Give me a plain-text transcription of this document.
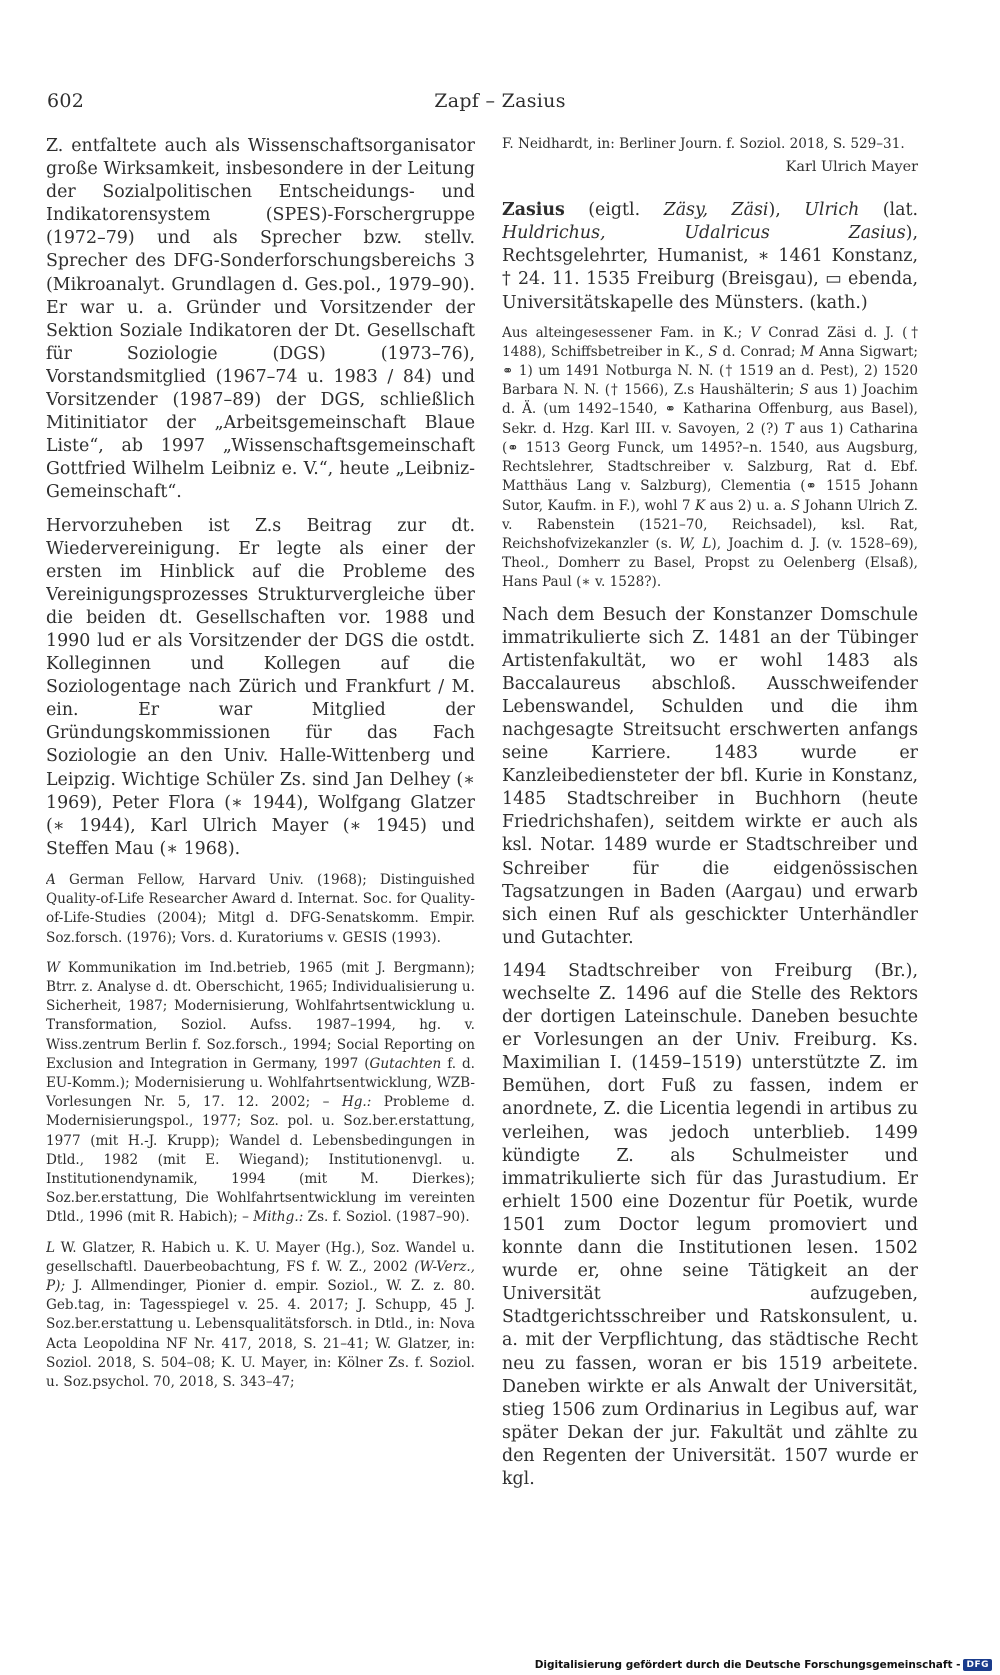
602	Zapf – Zasius

Z. entfaltete auch als Wissenschaftsorganisator große Wirksamkeit, insbesondere in der Leitung der Sozialpolitischen Entscheidungs- und Indikatorensystem (SPES)-Forschergruppe (1972–79) und als Sprecher bzw. stellv. Sprecher des DFG-Sonderforschungsbereichs 3 (Mikroanalyt. Grundlagen d. Ges.pol., 1979–90). Er war u. a. Gründer und Vorsitzender der Sektion Soziale Indikatoren der Dt. Gesellschaft für Soziologie (DGS) (1973–76), Vorstandsmitglied (1967–74 u. 1983 / 84) und Vorsitzender (1987–89) der DGS, schließlich Mitinitiator der „Arbeitsgemeinschaft Blaue Liste“, ab 1997 „Wissenschaftsgemeinschaft Gottfried Wilhelm Leibniz e. V.“, heute „Leibniz-Gemeinschaft“.

Hervorzuheben ist Z.s Beitrag zur dt. Wiedervereinigung. Er legte als einer der ersten im Hinblick auf die Probleme des Vereinigungsprozesses Strukturvergleiche über die beiden dt. Gesellschaften vor. 1988 und 1990 lud er als Vorsitzender der DGS die ostdt. Kolleginnen und Kollegen auf die Soziologentage nach Zürich und Frankfurt / M. ein. Er war Mitglied der Gründungskommissionen für das Fach Soziologie an den Univ. Halle-Wittenberg und Leipzig. Wichtige Schüler Zs. sind Jan Delhey (∗ 1969), Peter Flora (∗ 1944), Wolfgang Glatzer (∗ 1944), Karl Ulrich Mayer (∗ 1945) und Steffen Mau (∗ 1968).

A German Fellow, Harvard Univ. (1968); Distinguished Quality-of-Life Researcher Award d. Internat. Soc. for Quality-of-Life-Studies (2004); Mitgl d. DFG-Senatskomm. Empir. Soz.forsch. (1976); Vors. d. Kuratoriums v. GESIS (1993).

W Kommunikation im Ind.betrieb, 1965 (mit J. Bergmann); Btrr. z. Analyse d. dt. Oberschicht, 1965; Individualisierung u. Sicherheit, 1987; Modernisierung, Wohlfahrtsentwicklung u. Transformation, Soziol. Aufss. 1987–1994, hg. v. Wiss.zentrum Berlin f. Soz.forsch., 1994; Social Reporting on Exclusion and Integration in Germany, 1997 (Gutachten f. d. EU-Komm.); Modernisierung u. Wohlfahrtsentwicklung, WZB-Vorlesungen Nr. 5, 17. 12. 2002; – Hg.: Probleme d. Modernisierungspol., 1977; Soz. pol. u. Soz.ber.erstattung, 1977 (mit H.-J. Krupp); Wandel d. Lebensbedingungen in Dtld., 1982 (mit E. Wiegand); Institutionenvgl. u. Institutionendynamik, 1994 (mit M. Dierkes); Soz.ber.erstattung, Die Wohlfahrtsentwicklung im vereinten Dtld., 1996 (mit R. Habich); – Mithg.: Zs. f. Soziol. (1987–90).

L W. Glatzer, R. Habich u. K. U. Mayer (Hg.), Soz. Wandel u. gesellschaftl. Dauerbeobachtung, FS f. W. Z., 2002 (W-Verz., P); J. Allmendinger, Pionier d. empir. Soziol., W. Z. z. 80. Geb.tag, in: Tagesspiegel v. 25. 4. 2017; J. Schupp, 45 J. Soz.ber.erstattung u. Lebensqualitätsforsch. in Dtld., in: Nova Acta Leopoldina NF Nr. 417, 2018, S. 21–41; W. Glatzer, in: Soziol. 2018, S. 504–08; K. U. Mayer, in: Kölner Zs. f. Soziol. u. Soz.psychol. 70, 2018, S. 343–47;

F. Neidhardt, in: Berliner Journ. f. Soziol. 2018, S. 529–31.

Karl Ulrich Mayer

Zasius (eigtl. Zäsy, Zäsi), Ulrich (lat. Huldrichus, Udalricus Zasius), Rechtsgelehrter, Humanist, ∗ 1461 Konstanz, † 24. 11. 1535 Freiburg (Breisgau), ▭ ebenda, Universitätskapelle des Münsters. (kath.)

Aus alteingesessener Fam. in K.; V Conrad Zäsi d. J. († 1488), Schiffsbetreiber in K., S d. Conrad; M Anna Sigwart; ⚭ 1) um 1491 Notburga N. N. († 1519 an d. Pest), 2) 1520 Barbara N. N. († 1566), Z.s Haushälterin; S aus 1) Joachim d. Ä. (um 1492–1540, ⚭ Katharina Offenburg, aus Basel), Sekr. d. Hzg. Karl III. v. Savoyen, 2 (?) T aus 1) Catharina (⚭ 1513 Georg Funck, um 1495?–n. 1540, aus Augsburg, Rechtslehrer, Stadtschreiber v. Salzburg, Rat d. Ebf. Matthäus Lang v. Salzburg), Clementia (⚭ 1515 Johann Sutor, Kaufm. in F.), wohl 7 K aus 2) u. a. S Johann Ulrich Z. v. Rabenstein (1521–70, Reichsadel), ksl. Rat, Reichshofvizekanzler (s. W, L), Joachim d. J. (v. 1528–69), Theol., Domherr zu Basel, Propst zu Oelenberg (Elsaß), Hans Paul (∗ v. 1528?).

Nach dem Besuch der Konstanzer Domschule immatrikulierte sich Z. 1481 an der Tübinger Artistenfakultät, wo er wohl 1483 als Baccalaureus abschloß. Ausschweifender Lebenswandel, Schulden und die ihm nachgesagte Streitsucht erschwerten anfangs seine Karriere. 1483 wurde er Kanzleibediensteter der bfl. Kurie in Konstanz, 1485 Stadtschreiber in Buchhorn (heute Friedrichshafen), seitdem wirkte er auch als ksl. Notar. 1489 wurde er Stadtschreiber und Schreiber für die eidgenössischen Tagsatzungen in Baden (Aargau) und erwarb sich einen Ruf als geschickter Unterhändler und Gutachter.

1494 Stadtschreiber von Freiburg (Br.), wechselte Z. 1496 auf die Stelle des Rektors der dortigen Lateinschule. Daneben besuchte er Vorlesungen an der Univ. Freiburg. Ks. Maximilian I. (1459–1519) unterstützte Z. im Bemühen, dort Fuß zu fassen, indem er anordnete, Z. die Licentia legendi in artibus zu verleihen, was jedoch unterblieb. 1499 kündigte Z. als Schulmeister und immatrikulierte sich für das Jurastudium. Er erhielt 1500 eine Dozentur für Poetik, wurde 1501 zum Doctor legum promoviert und konnte dann die Institutionen lesen. 1502 wurde er, ohne seine Tätigkeit an der Universität aufzugeben, Stadtgerichtsschreiber und Ratskonsulent, u. a. mit der Verpflichtung, das städtische Recht neu zu fassen, woran er bis 1519 arbeitete. Daneben wirkte er als Anwalt der Universität, stieg 1506 zum Ordinarius in Legibus auf, war später Dekan der jur. Fakultät und zählte zu den Regenten der Universität. 1507 wurde er kgl.

Digitalisierung gefördert durch die Deutsche Forschungsgemeinschaft - DFG
